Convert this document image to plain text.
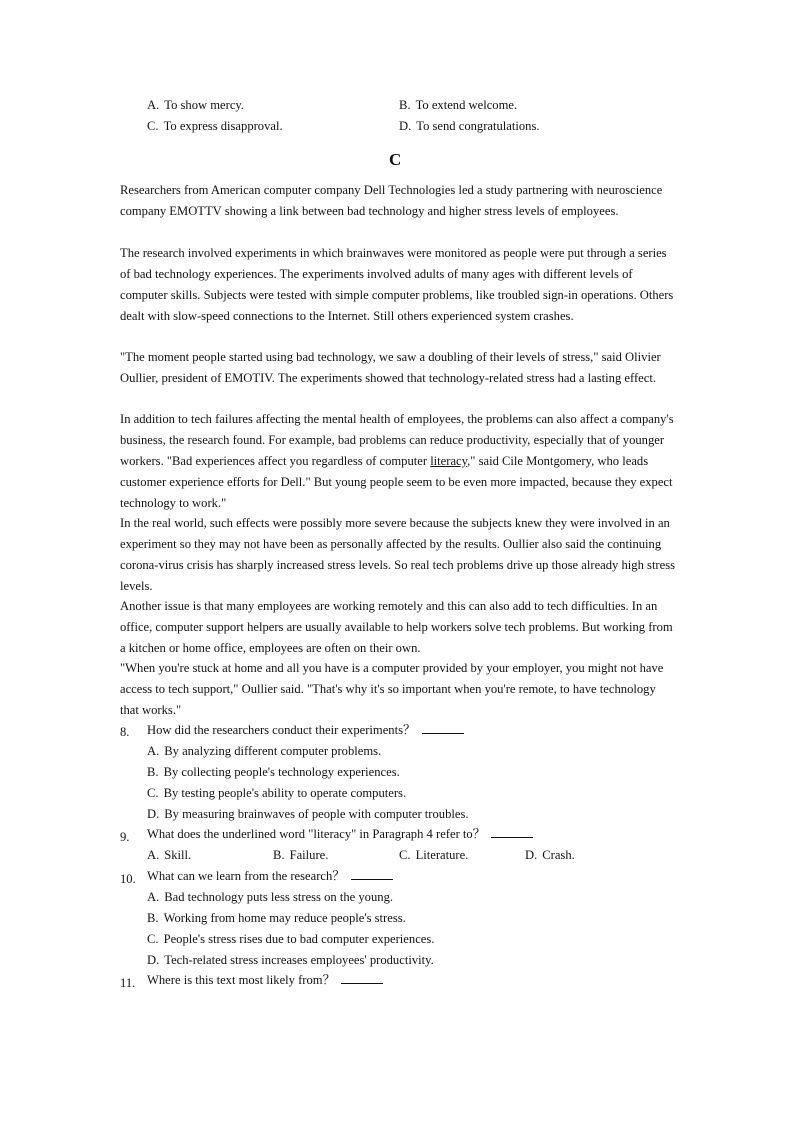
A. To show mercy.	B. To extend welcome.
C. To express disapproval.	D. To send congratulations.
C
Researchers from American computer company Dell Technologies led a study partnering with neuroscience company EMOTTV showing a link between bad technology and higher stress levels of employees.
The research involved experiments in which brainwaves were monitored as people were put through a series of bad technology experiences. The experiments involved adults of many ages with different levels of computer skills. Subjects were tested with simple computer problems, like troubled sign-in operations. Others dealt with slow-speed connections to the Internet. Still others experienced system crashes.
"The moment people started using bad technology, we saw a doubling of their levels of stress," said Olivier Oullier, president of EMOTIV. The experiments showed that technology-related stress had a lasting effect.
In addition to tech failures affecting the mental health of employees, the problems can also affect a company's business, the research found. For example, bad problems can reduce productivity, especially that of younger workers. "Bad experiences affect you regardless of computer literacy," said Cile Montgomery, who leads customer experience efforts for Dell." But young people seem to be even more impacted, because they expect technology to work."
In the real world, such effects were possibly more severe because the subjects knew they were involved in an experiment so they may not have been as personally affected by the results. Oullier also said the continuing corona-virus crisis has sharply increased stress levels. So real tech problems drive up those already high stress levels.
Another issue is that many employees are working remotely and this can also add to tech difficulties. In an office, computer support helpers are usually available to help workers solve tech problems. But working from a kitchen or home office, employees are often on their own.
"When you're stuck at home and all you have is a computer provided by your employer, you might not have access to tech support," Oullier said. "That's why it's so important when you're remote, to have technology that works."
8. How did the researchers conduct their experiments？
A. By analyzing different computer problems.
B. By collecting people's technology experiences.
C. By testing people's ability to operate computers.
D. By measuring brainwaves of people with computer troubles.
9. What does the underlined word "literacy" in Paragraph 4 refer to？
A. Skill.	B. Failure.	C. Literature.	D. Crash.
10. What can we learn from the research？
A. Bad technology puts less stress on the young.
B. Working from home may reduce people's stress.
C. People's stress rises due to bad computer experiences.
D. Tech-related stress increases employees' productivity.
11. Where is this text most likely from？
